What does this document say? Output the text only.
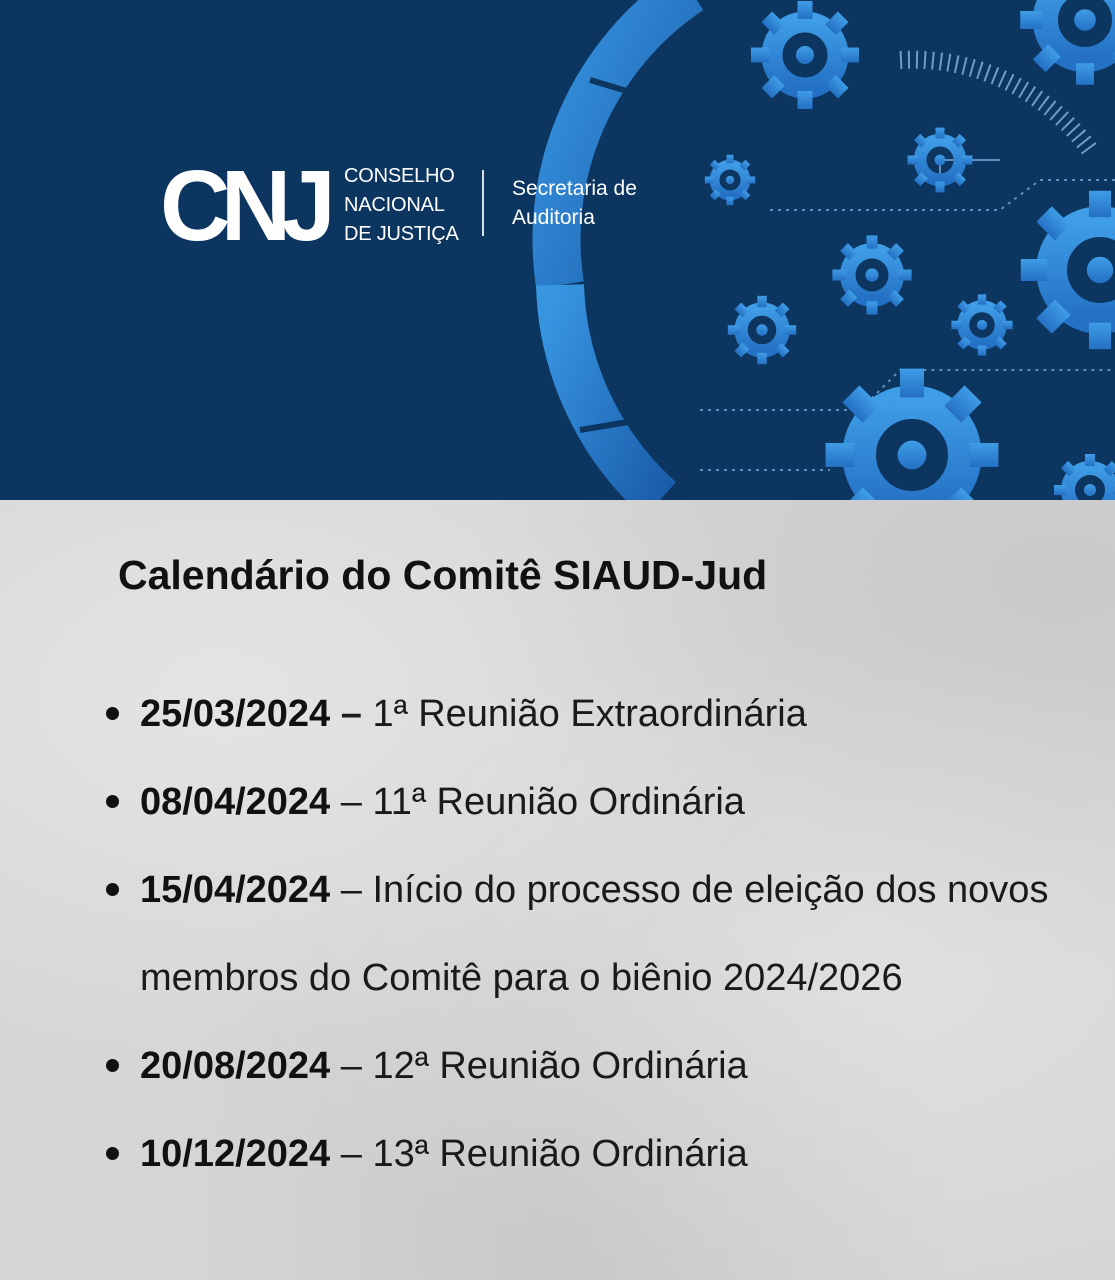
CNJ CONSELHO
NACIONAL
DE JUSTIÇA
Secretaria de
Auditoria
Calendário do Comitê SIAUD-Jud
25/03/2024 – 1ª Reunião Extraordinária
08/04/2024 – 11ª Reunião Ordinária
15/04/2024 – Início do processo de eleição dos novos membros do Comitê para o biênio 2024/2026
20/08/2024 – 12ª Reunião Ordinária
10/12/2024 – 13ª Reunião Ordinária
